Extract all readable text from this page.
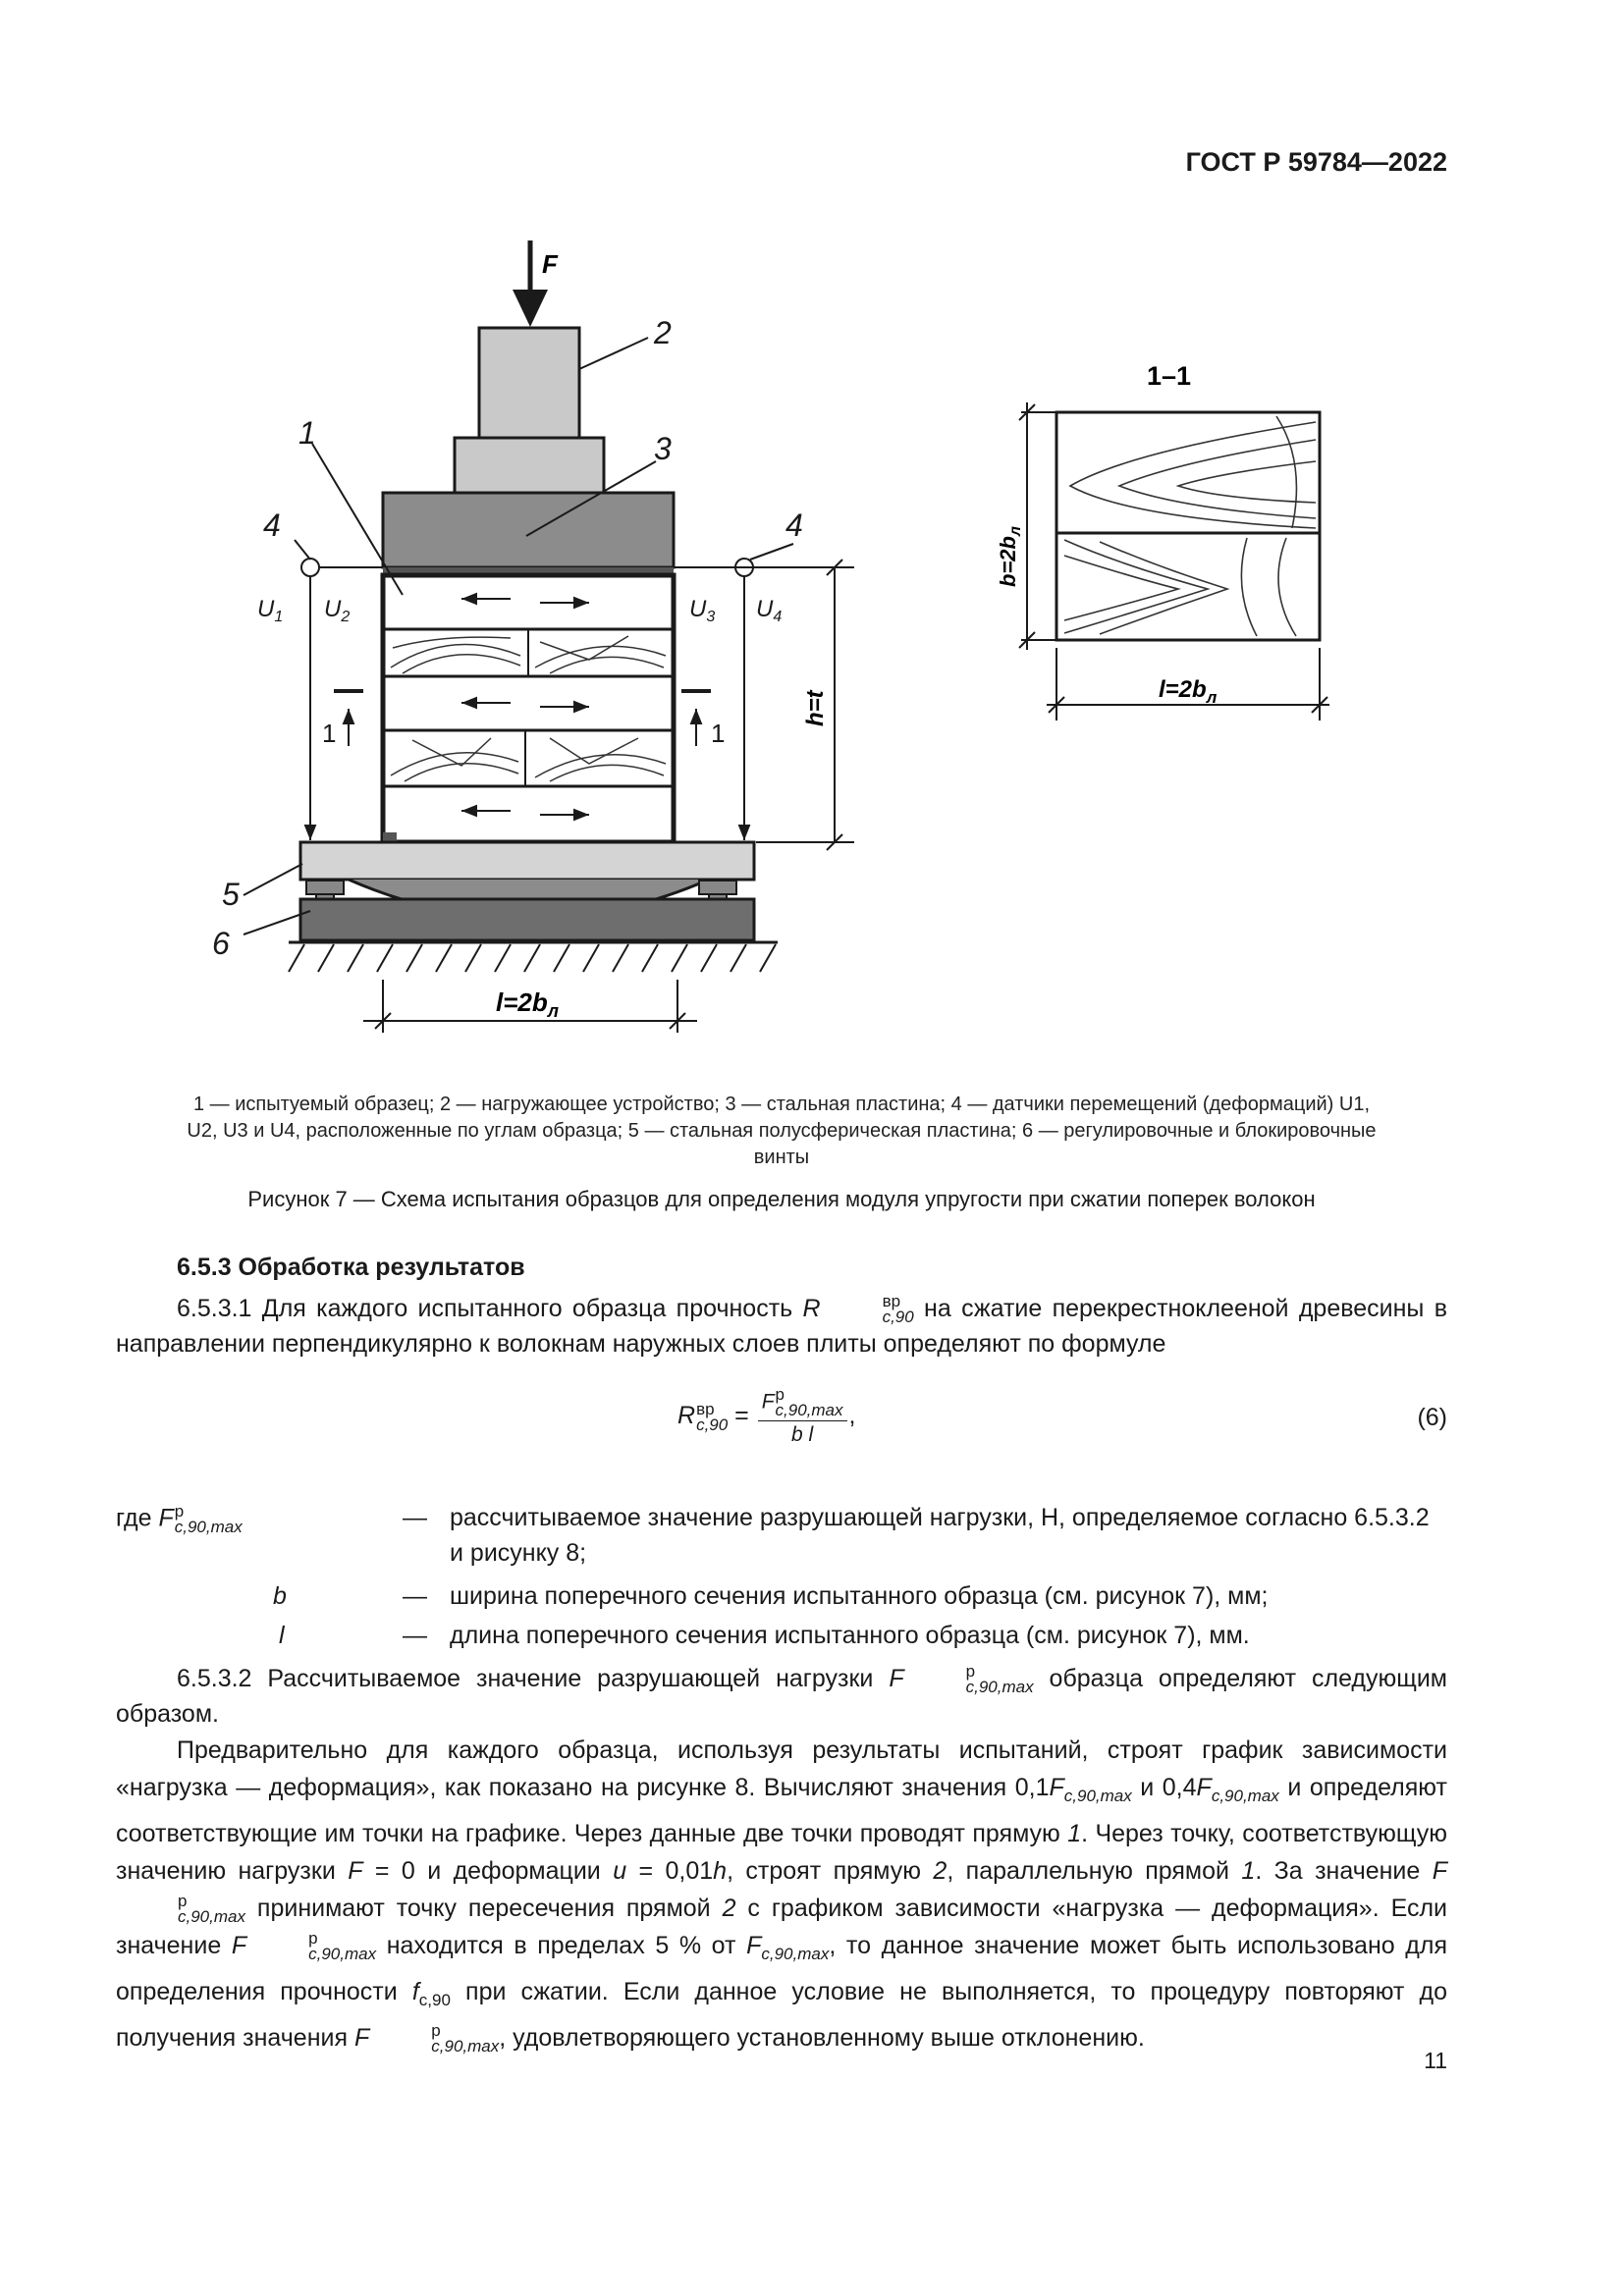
ГОСТ Р 59784—2022
F
2
1	3
4	4
5
6
$U_1$ $U_2$	$U_3$ $U_4$
1	1
h=t
$l=2b_л$
1–1
$b=2b_л$
$l=2b_л$
1 — испытуемый образец; 2 — нагружающее устройство; 3 — стальная пластина; 4 — датчики перемещений (деформаций) U1,
U2, U3 и U4, расположенные по углам образца; 5 — стальная полусферическая пластина; 6 — регулировочные и блокировочные
винты
Рисунок 7 — Схема испытания образцов для определения модуля упругости при сжатии поперек волокон
6.5.3 Обработка результатов
6.5.3.1 Для каждого испытанного образца прочность R	вр
c,90 на сжатие перекрестноклееной древесины в направлении перпендикулярно к волокнам наружных слоев плиты определяют по формуле
R вр
c,90 = F p
c,90,max
b l ,	(6)
где F p
c,90,max	— рассчитываемое значение разрушающей нагрузки, Н, определяемое согласно 6.5.3.2 и рисунку 8;
b	— ширина поперечного сечения испытанного образца (см. рисунок 7), мм;
l	— длина поперечного сечения испытанного образца (см. рисунок 7), мм.
6.5.3.2 Рассчитываемое значение разрушающей нагрузки F	p
c,90,max образца определяют следующим образом.
Предварительно для каждого образца, используя результаты испытаний, строят график зависимости «нагрузка — деформация», как показано на рисунке 8. Вычисляют значения $0,1F_{c,90,max}$ и $0,4F_{c,90,max}$ и определяют соответствующие им точки на графике. Через данные две точки проводят прямую 1. Через точку, соответствующую значению нагрузки F = 0 и деформации u = 0,01h, строят прямую 2, параллельную прямой 1. За значение F
p
c,90,max принимают точку пересечения прямой 2 с графиком зависимости «нагрузка — деформация». Если значение F	p
c,90,max находится в пределах 5 % от $F_{c,90,max}$, то данное значение может быть использовано для определения прочности $f_{c,90}$ при сжатии. Если данное условие не выполняется, то процедуру повторяют до получения значения F	p
c,90,max , удовлетворяющего установленному выше отклонению.
11
